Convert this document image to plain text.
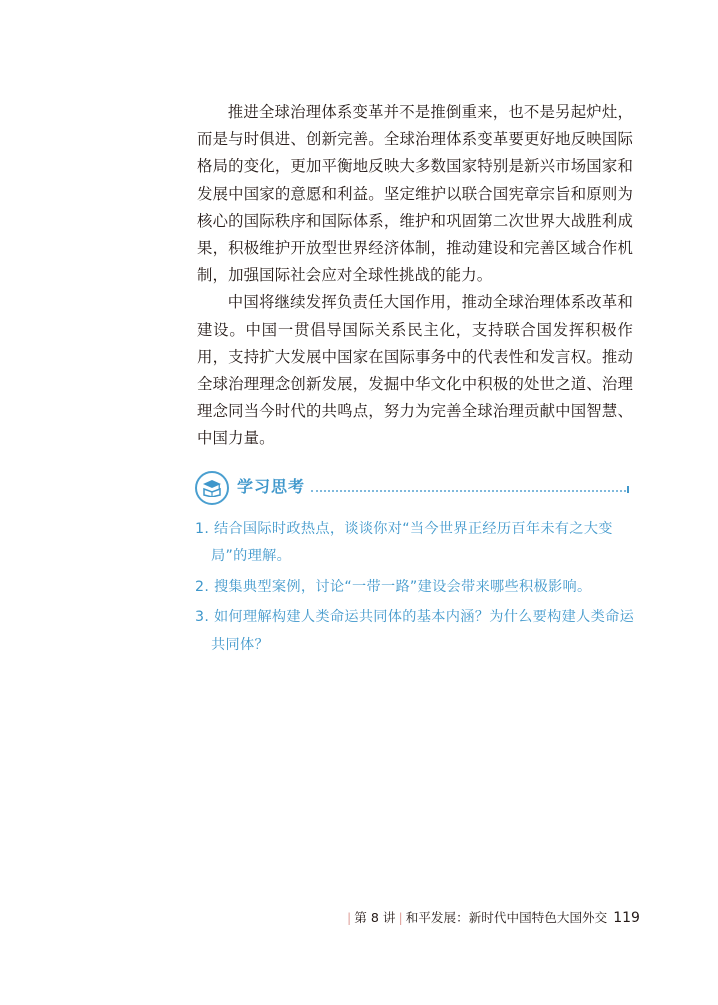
推进全球治理体系变革并不是推倒重来，也不是另起炉灶，而是与时俱进、创新完善。全球治理体系变革要更好地反映国际格局的变化，更加平衡地反映大多数国家特别是新兴市场国家和发展中国家的意愿和利益。坚定维护以联合国宪章宗旨和原则为核心的国际秩序和国际体系，维护和巩固第二次世界大战胜利成果，积极维护开放型世界经济体制，推动建设和完善区域合作机制，加强国际社会应对全球性挑战的能力。

中国将继续发挥负责任大国作用，推动全球治理体系改革和建设。中国一贯倡导国际关系民主化，支持联合国发挥积极作用，支持扩大发展中国家在国际事务中的代表性和发言权。推动全球治理理念创新发展，发掘中华文化中积极的处世之道、治理理念同当今时代的共鸣点，努力为完善全球治理贡献中国智慧、中国力量。

学习思考
1. 结合国际时政热点，谈谈你对“当今世界正经历百年未有之大变局”的理解。
2. 搜集典型案例，讨论“一带一路”建设会带来哪些积极影响。
3. 如何理解构建人类命运共同体的基本内涵？为什么要构建人类命运共同体？
| 第 8 讲 | 和平发展：新时代中国特色大国外交 119
